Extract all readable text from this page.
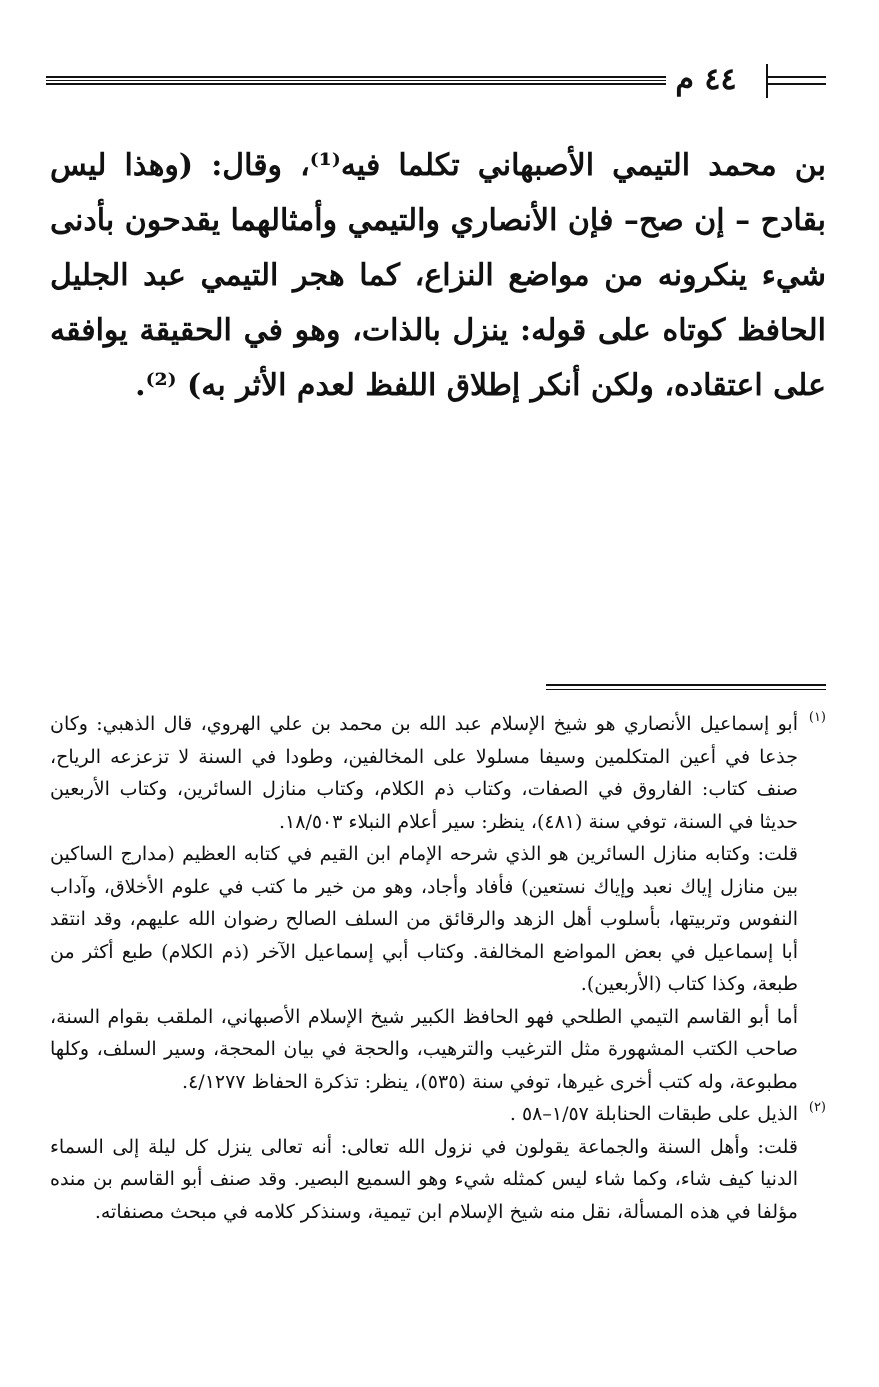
٤٤ م

بن محمد التيمي الأصبهاني تكلما فيه⁽¹⁾، وقال: (وهذا ليس بقادح – إن صح– فإن الأنصاري والتيمي وأمثالهما يقدحون بأدنى شيء ينكرونه من مواضع النزاع، كما هجر التيمي عبد الجليل الحافظ كوتاه على قوله: ينزل بالذات، وهو في الحقيقة يوافقه على اعتقاده، ولكن أنكر إطلاق اللفظ لعدم الأثر به) ⁽²⁾.

(١)

أبو إسماعيل الأنصاري هو شيخ الإسلام عبد الله بن محمد بن علي الهروي، قال الذهبي: وكان جذعا في أعين المتكلمين وسيفا مسلولا على المخالفين، وطودا في السنة لا تزعزعه الرياح، صنف كتاب: الفاروق في الصفات، وكتاب ذم الكلام، وكتاب منازل السائرين، وكتاب الأربعين حديثا في السنة، توفي سنة (٤٨١)، ينظر: سير أعلام النبلاء ١٨/٥٠٣.

قلت: وكتابه منازل السائرين هو الذي شرحه الإمام ابن القيم في كتابه العظيم (مدارج الساكين بين منازل إياك نعبد وإياك نستعين) فأفاد وأجاد، وهو من خير ما كتب في علوم الأخلاق، وآداب النفوس وتربيتها، بأسلوب أهل الزهد والرقائق من السلف الصالح رضوان الله عليهم، وقد انتقد أبا إسماعيل في بعض المواضع المخالفة. وكتاب أبي إسماعيل الآخر (ذم الكلام) طبع أكثر من طبعة، وكذا كتاب (الأربعين).

أما أبو القاسم التيمي الطلحي فهو الحافظ الكبير شيخ الإسلام الأصبهاني، الملقب بقوام السنة، صاحب الكتب المشهورة مثل الترغيب والترهيب، والحجة في بيان المحجة، وسير السلف، وكلها مطبوعة، وله كتب أخرى غيرها، توفي سنة (٥٣٥)، ينظر: تذكرة الحفاظ ٤/١٢٧٧.

(٢)

الذيل على طبقات الحنابلة ١/٥٧–٥٨ .

قلت: وأهل السنة والجماعة يقولون في نزول الله تعالى: أنه تعالى ينزل كل ليلة إلى السماء الدنيا كيف شاء، وكما شاء ليس كمثله شيء وهو السميع البصير. وقد صنف أبو القاسم بن منده مؤلفا في هذه المسألة، نقل منه شيخ الإسلام ابن تيمية، وسنذكر كلامه في مبحث مصنفاته.
